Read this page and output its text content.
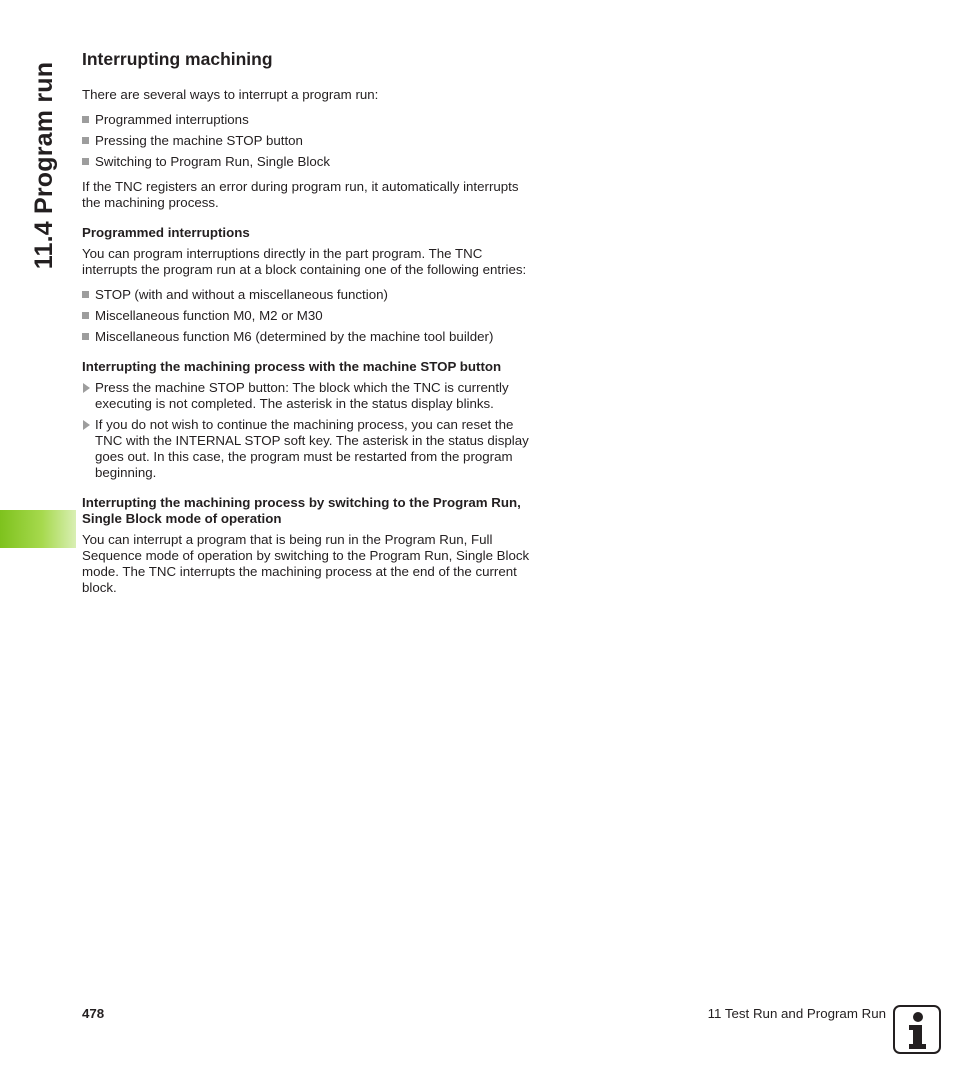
11.4 Program run
Interrupting machining

There are several ways to interrupt a program run:

Programmed interruptions
Pressing the machine STOP button
Switching to Program Run, Single Block

If the TNC registers an error during program run, it automatically interrupts the machining process.

Programmed interruptions

You can program interruptions directly in the part program. The TNC interrupts the program run at a block containing one of the following entries:

STOP (with and without a miscellaneous function)
Miscellaneous function M0, M2 or M30
Miscellaneous function M6 (determined by the machine tool builder)
Interrupting the machining process with the machine STOP button
Press the machine STOP button: The block which the TNC is currently executing is not completed. The asterisk in the status display blinks.
If you do not wish to continue the machining process, you can reset the TNC with the INTERNAL STOP soft key. The asterisk in the status display goes out. In this case, the program must be restarted from the program beginning.
Interrupting the machining process by switching to the Program Run, Single Block mode of operation

You can interrupt a program that is being run in the Program Run, Full Sequence mode of operation by switching to the Program Run, Single Block mode. The TNC interrupts the machining process at the end of the current block.

478	11 Test Run and Program Run
